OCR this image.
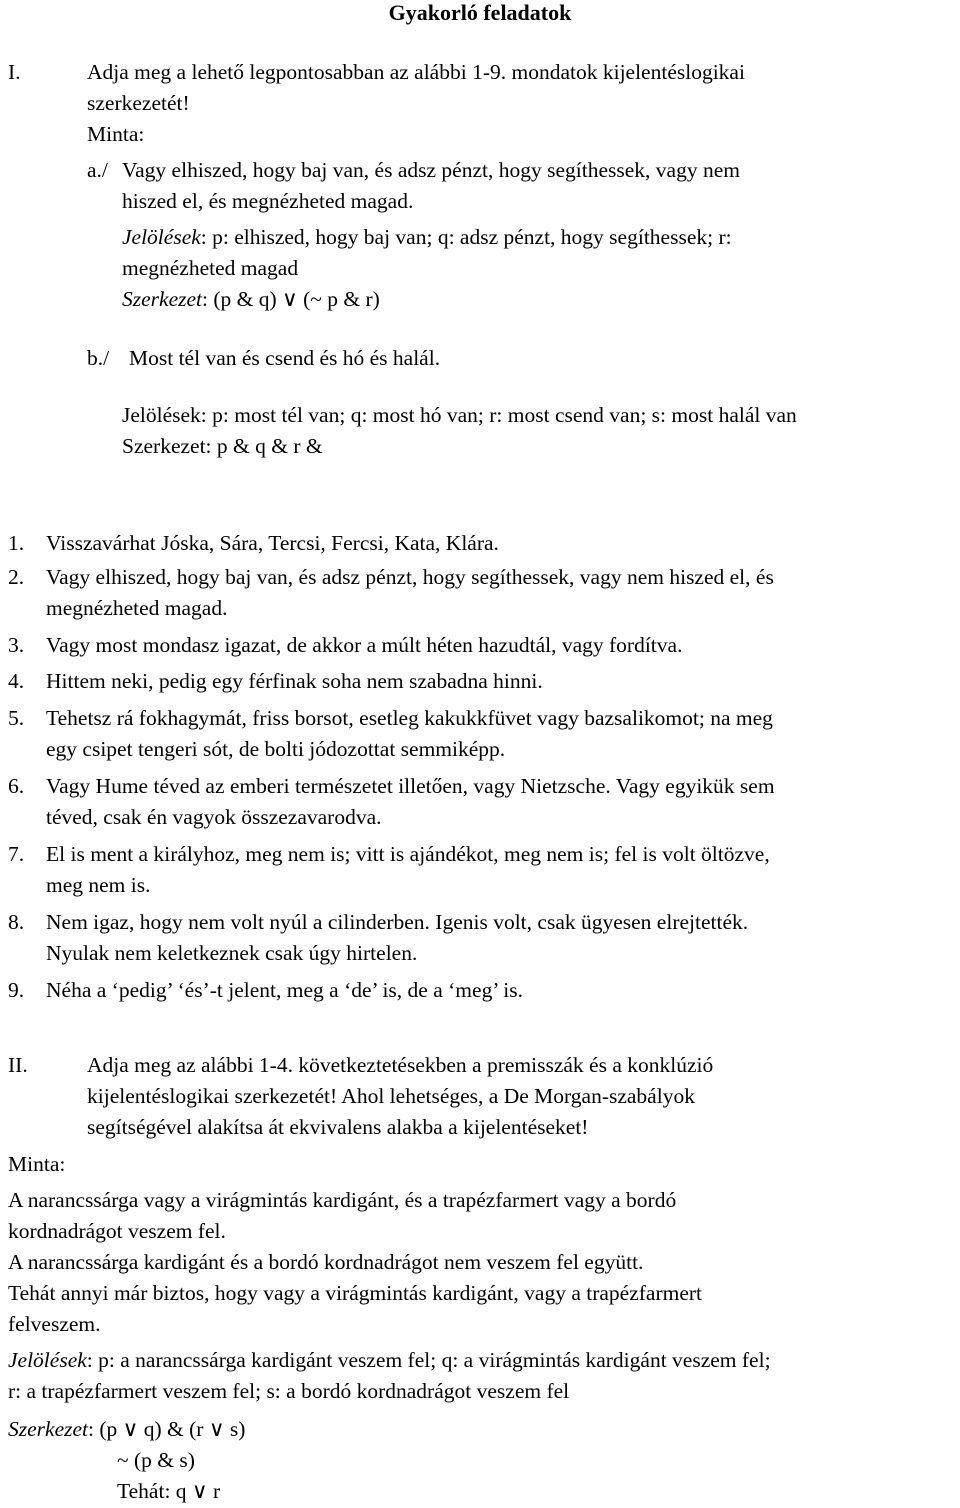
Gyakorló feladatok
I.	Adja meg a lehető legpontosabban az alábbi 1-9. mondatok kijelentéslogikai
szerkezetét!
Minta:
a./ Vagy elhiszed, hogy baj van, és adsz pénzt, hogy segíthessek, vagy nem
hiszed el, és megnézheted magad.
Jelölések: p: elhiszed, hogy baj van; q: adsz pénzt, hogy segíthessek; r:
megnézheted magad
Szerkezet: (p & q) ∨ (~ p & r)
b./ Most tél van és csend és hó és halál.
Jelölések: p: most tél van; q: most hó van; r: most csend van; s: most halál van
Szerkezet: p & q & r &
1. Visszavárhat Jóska, Sára, Tercsi, Fercsi, Kata, Klára.
2. Vagy elhiszed, hogy baj van, és adsz pénzt, hogy segíthessek, vagy nem hiszed el, és
megnézheted magad.
3. Vagy most mondasz igazat, de akkor a múlt héten hazudtál, vagy fordítva.
4. Hittem neki, pedig egy férfinak soha nem szabadna hinni.
5. Tehetsz rá fokhagymát, friss borsot, esetleg kakukkfüvet vagy bazsalikomot; na meg
egy csipet tengeri sót, de bolti jódozottat semmiképp.
6. Vagy Hume téved az emberi természetet illetően, vagy Nietzsche. Vagy egyikük sem
téved, csak én vagyok összezavarodva.
7. El is ment a királyhoz, meg nem is; vitt is ajándékot, meg nem is; fel is volt öltözve,
meg nem is.
8. Nem igaz, hogy nem volt nyúl a cilinderben. Igenis volt, csak ügyesen elrejtették.
Nyulak nem keletkeznek csak úgy hirtelen.
9. Néha a ‘pedig’ ‘és’-t jelent, meg a ‘de’ is, de a ‘meg’ is.
II.	Adja meg az alábbi 1-4. következtetésekben a premisszák és a konklúzió
kijelentéslogikai szerkezetét! Ahol lehetséges, a De Morgan-szabályok
segítségével alakítsa át ekvivalens alakba a kijelentéseket!
Minta:
A narancssárga vagy a virágmintás kardigánt, és a trapézfarmert vagy a bordó
kordnadrágot veszem fel.
A narancssárga kardigánt és a bordó kordnadrágot nem veszem fel együtt.
Tehát annyi már biztos, hogy vagy a virágmintás kardigánt, vagy a trapézfarmert
felveszem.
Jelölések: p: a narancssárga kardigánt veszem fel; q: a virágmintás kardigánt veszem fel;
r: a trapézfarmert veszem fel; s: a bordó kordnadrágot veszem fel
Szerkezet: (p ∨ q) & (r ∨ s)
~ (p & s)
Tehát: q ∨ r
